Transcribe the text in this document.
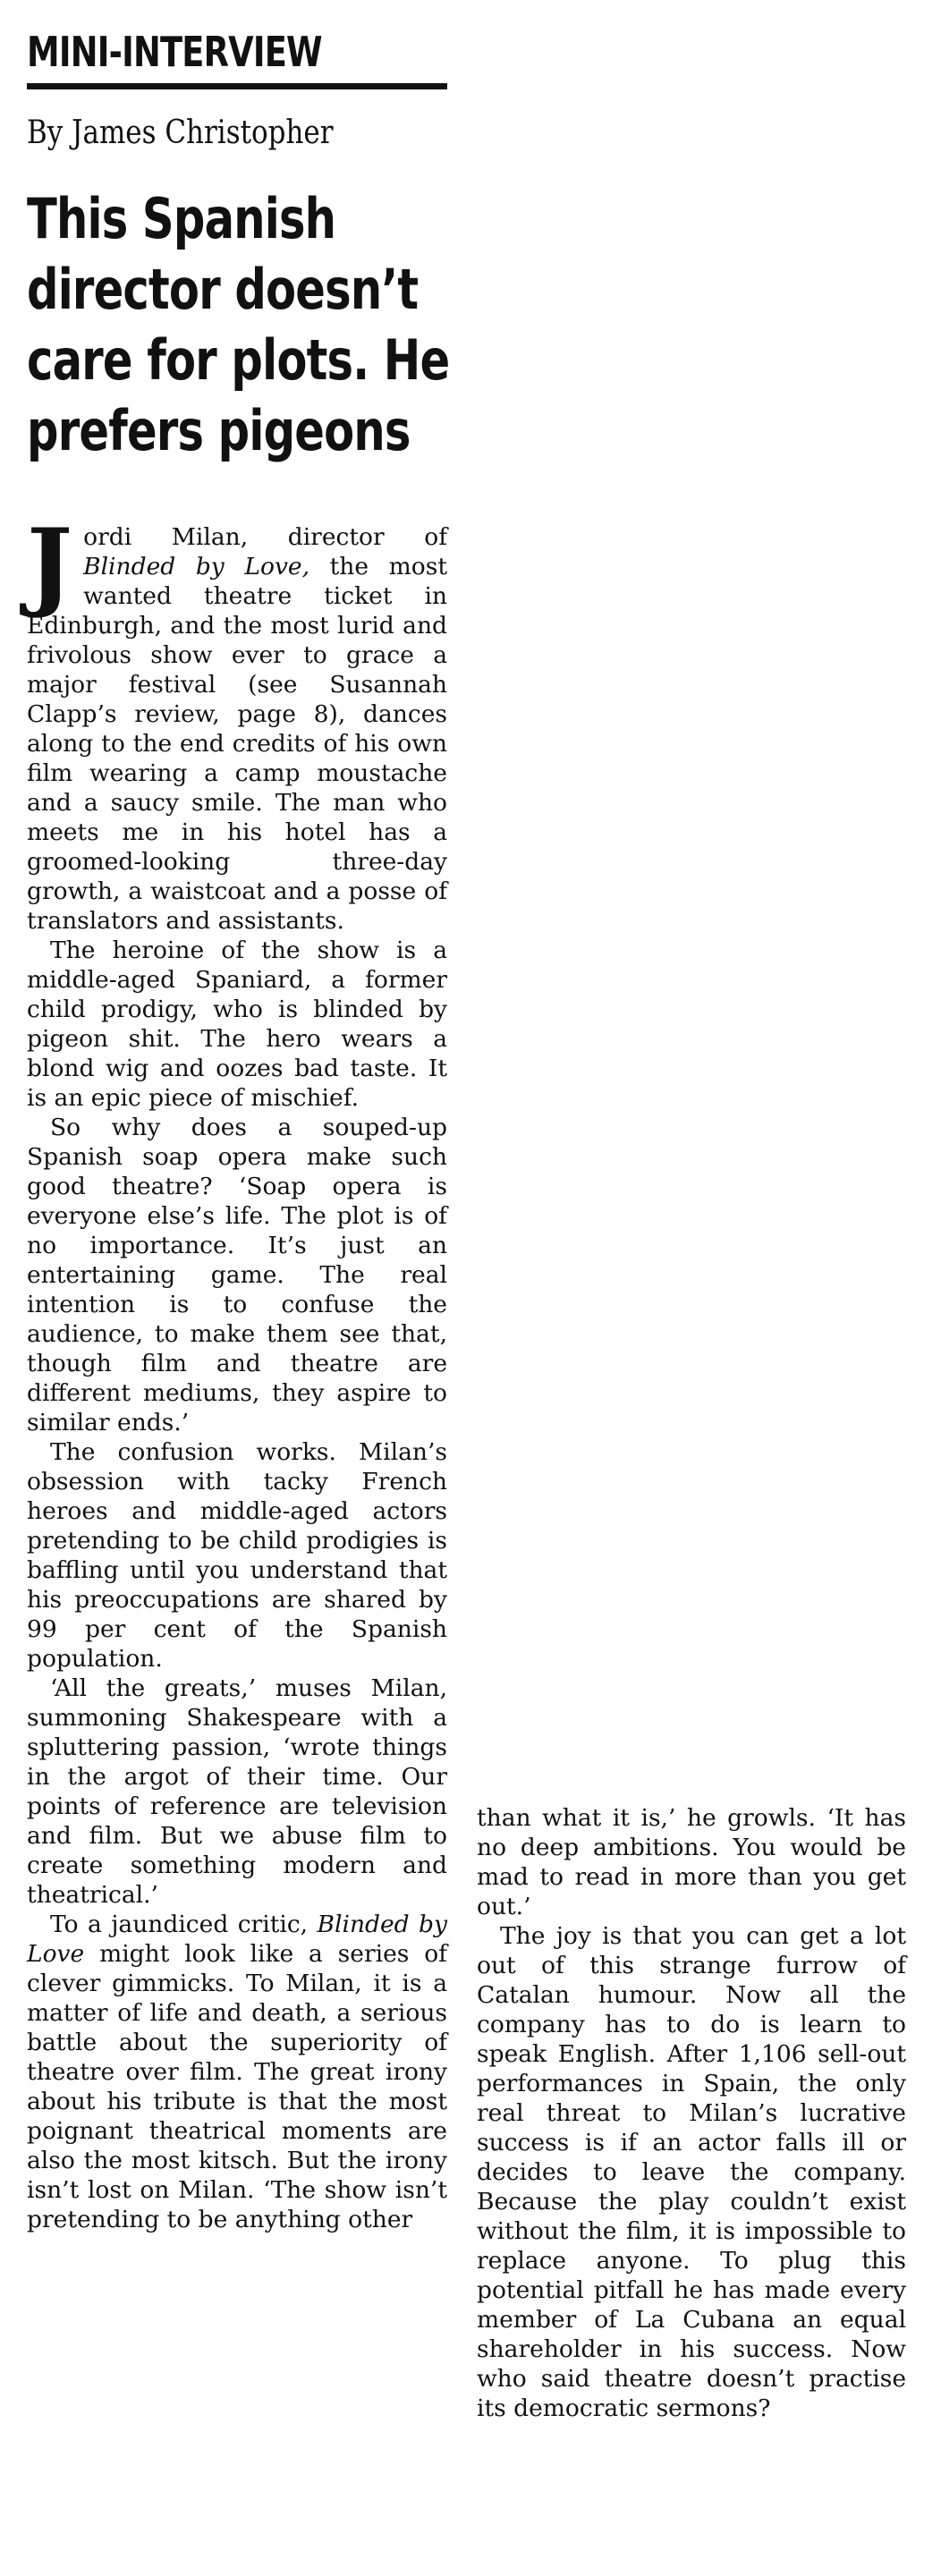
MINI-INTERVIEW
By James Christopher
This Spanish
director doesn’t
care for plots. He
prefers pigeons

Jordi Milan, director of Blinded by Love, the most wanted theatre ticket in Edinburgh, and the most lurid and frivolous show ever to grace a major festival (see Susannah Clapp’s review, page 8), dances along to the end credits of his own film wearing a camp moustache and a saucy smile. The man who meets me in his hotel has a groomed-looking three-day growth, a waistcoat and a posse of translators and assistants.

The heroine of the show is a middle-aged Spaniard, a former child prodigy, who is blinded by pigeon shit. The hero wears a blond wig and oozes bad taste. It is an epic piece of mischief.

So why does a souped-up Spanish soap opera make such good theatre? ‘Soap opera is everyone else’s life. The plot is of no importance. It’s just an entertaining game. The real intention is to confuse the audience, to make them see that, though film and theatre are different mediums, they aspire to similar ends.’

The confusion works. Milan’s obsession with tacky French heroes and middle-aged actors pretending to be child prodigies is baffling until you understand that his preoccupations are shared by 99 per cent of the Spanish population.

‘All the greats,’ muses Milan, summoning Shakespeare with a spluttering passion, ‘wrote things in the argot of their time. Our points of reference are television and film. But we abuse film to create something modern and theatrical.’

To a jaundiced critic, Blinded by Love might look like a series of clever gimmicks. To Milan, it is a matter of life and death, a serious battle about the superiority of theatre over film. The great irony about his tribute is that the most poignant theatrical moments are also the most kitsch. But the irony isn’t lost on Milan. ‘The show isn’t pretending to be anything other

than what it is,’ he growls. ‘It has no deep ambitions. You would be mad to read in more than you get out.’

The joy is that you can get a lot out of this strange furrow of Catalan humour. Now all the company has to do is learn to speak English. After 1,106 sell-out performances in Spain, the only real threat to Milan’s lucrative success is if an actor falls ill or decides to leave the company. Because the play couldn’t exist without the film, it is impossible to replace anyone. To plug this potential pitfall he has made every member of La Cubana an equal shareholder in his success. Now who said theatre doesn’t practise its democratic sermons?
